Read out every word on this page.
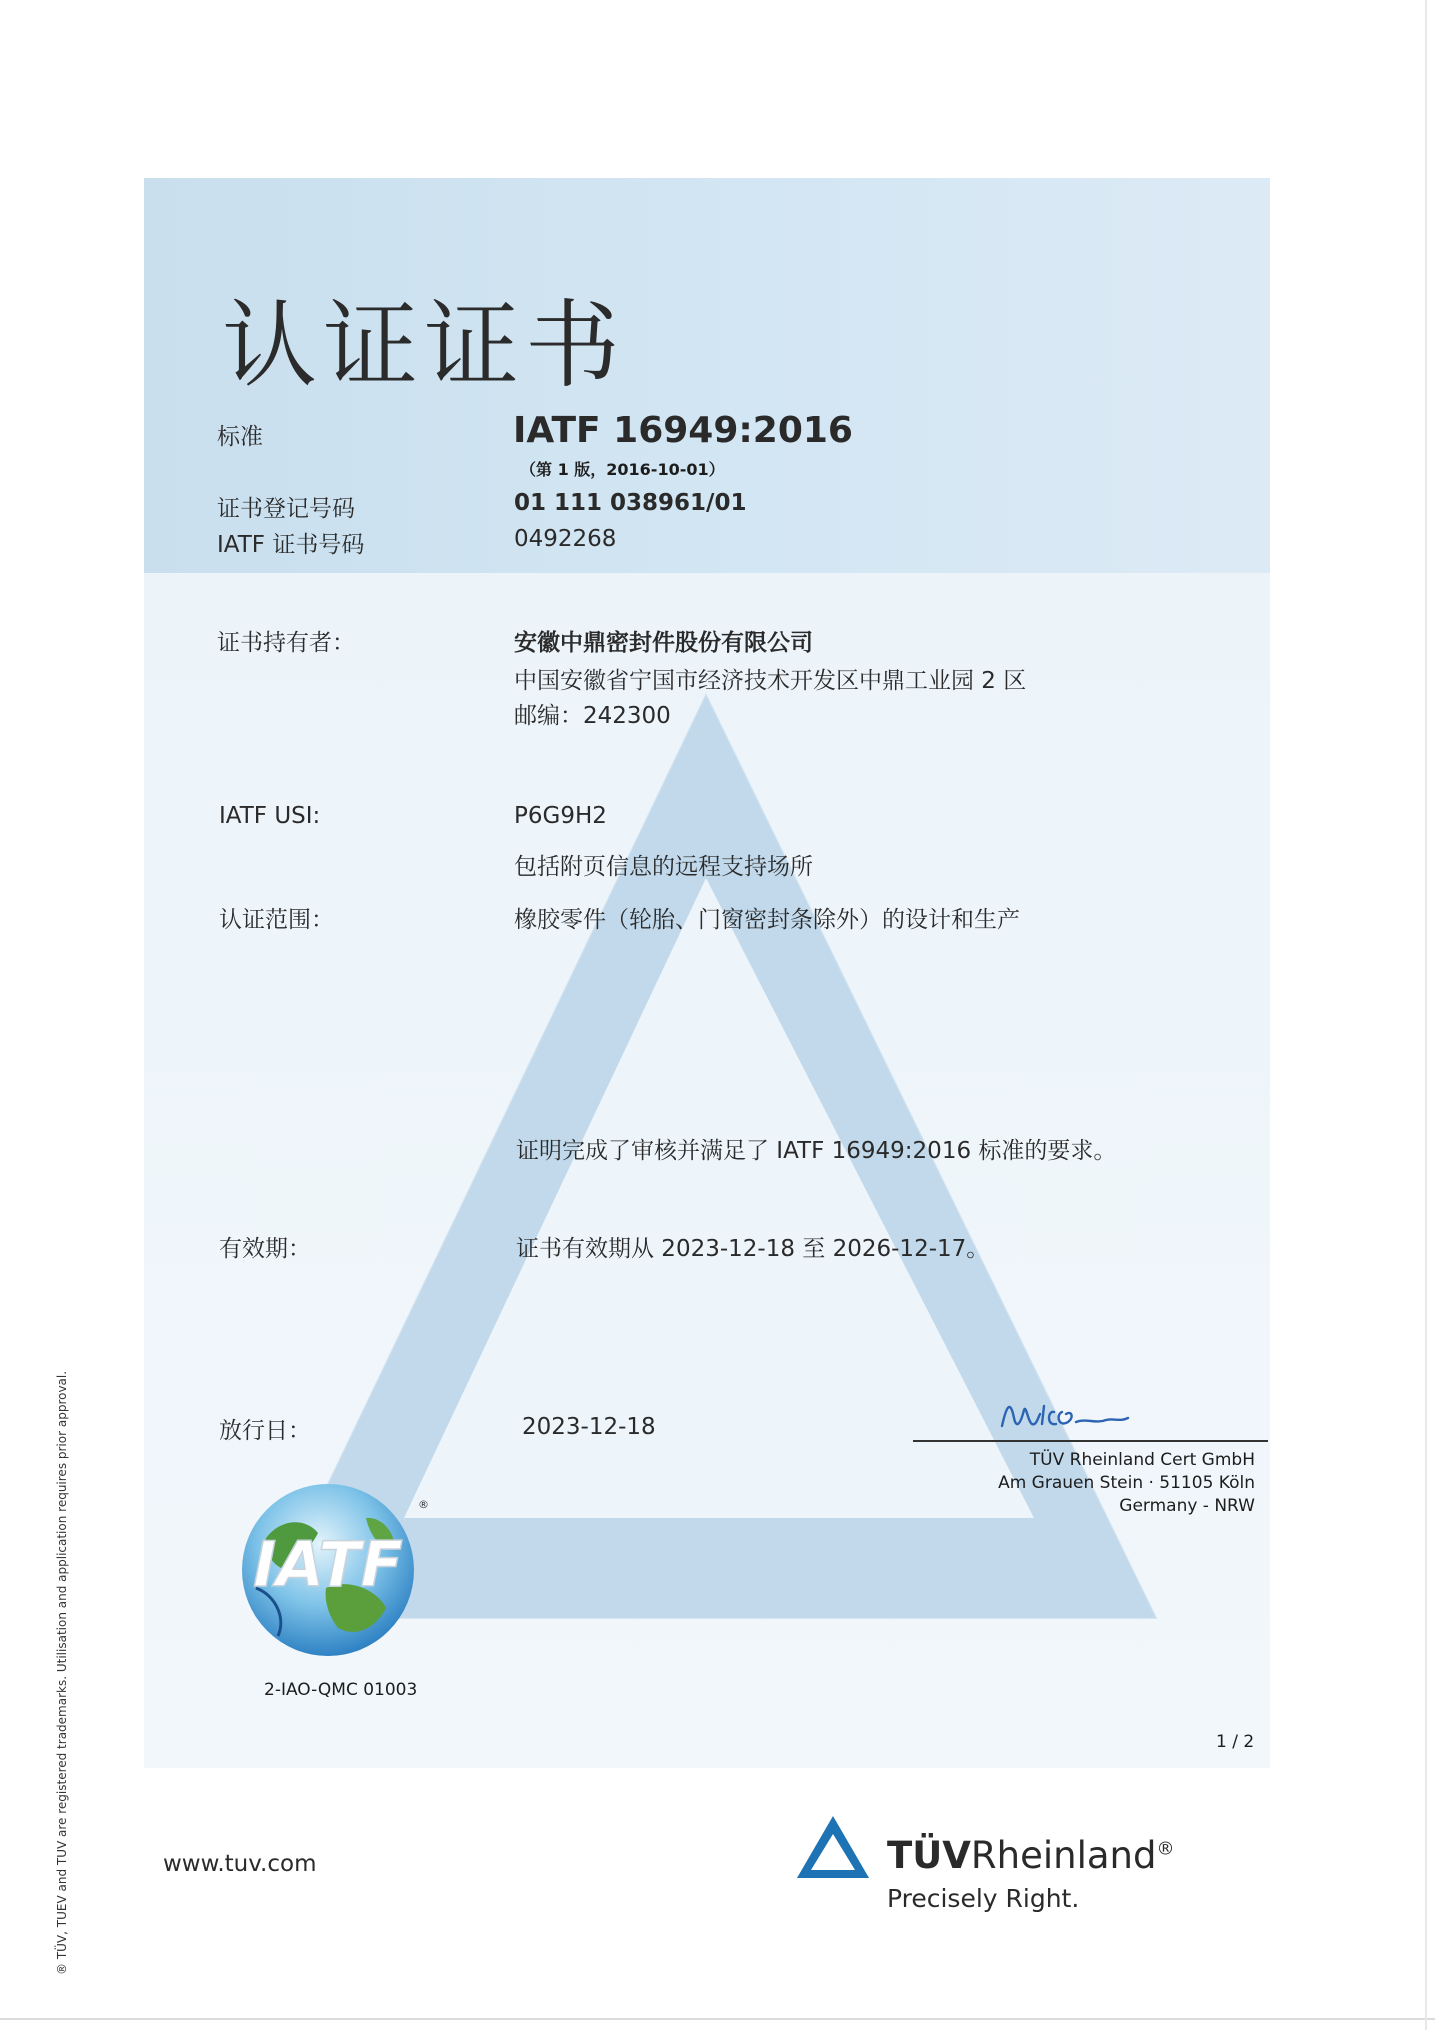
认证证书
标准	IATF 16949:2016
（第 1 版，2016-10-01）
证书登记号码	01 111 038961/01
IATF 证书号码	0492268
证书持有者：	安徽中鼎密封件股份有限公司
中国安徽省宁国市经济技术开发区中鼎工业园 2 区
邮编：242300
IATF USI:	P6G9H2
包括附页信息的远程支持场所
认证范围：	橡胶零件（轮胎、门窗密封条除外）的设计和生产
证明完成了审核并满足了 IATF 16949:2016 标准的要求。
有效期：	证书有效期从 2023-12-18 至 2026-12-17。
放行日：	2023-12-18
TÜV Rheinland Cert GmbH
Am Grauen Stein · 51105 Köln
Germany - NRW
IATF
®
2-IAO-QMC 01003
1 / 2
www.tuv.com	TÜVRheinland®
Precisely Right.
® TÜV, TUEV and TUV are registered trademarks. Utilisation and application requires prior approval.
